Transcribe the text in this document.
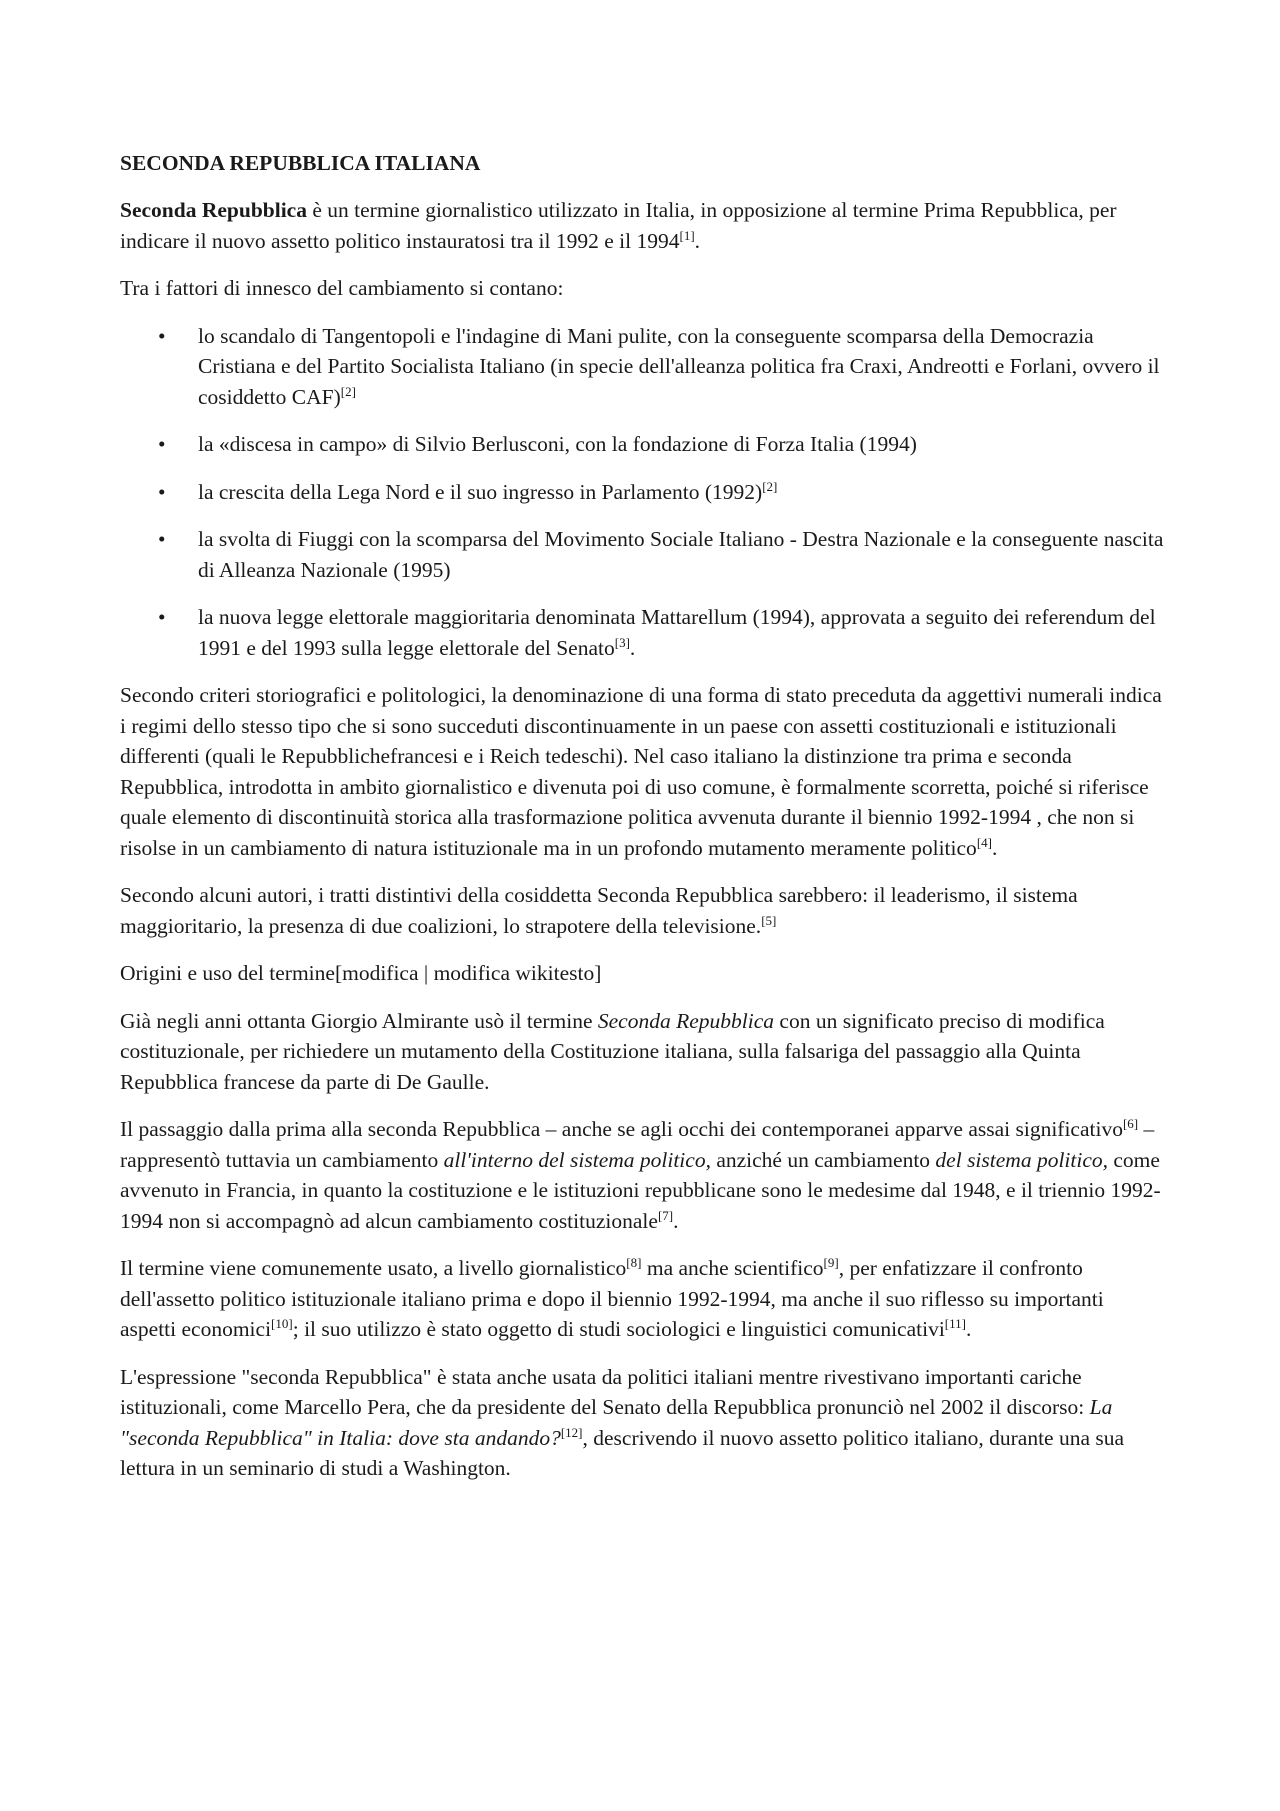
SECONDA REPUBBLICA ITALIANA

Seconda Repubblica è un termine giornalistico utilizzato in Italia, in opposizione al termine Prima Repubblica, per indicare il nuovo assetto politico instauratosi tra il 1992 e il 1994[1].

Tra i fattori di innesco del cambiamento si contano:

• lo scandalo di Tangentopoli e l'indagine di Mani pulite, con la conseguente scomparsa della Democrazia Cristiana e del Partito Socialista Italiano (in specie dell'alleanza politica fra Craxi, Andreotti e Forlani, ovvero il cosiddetto CAF)[2]
• la «discesa in campo» di Silvio Berlusconi, con la fondazione di Forza Italia (1994)
• la crescita della Lega Nord e il suo ingresso in Parlamento (1992)[2]
• la svolta di Fiuggi con la scomparsa del Movimento Sociale Italiano - Destra Nazionale e la conseguente nascita di Alleanza Nazionale (1995)
• la nuova legge elettorale maggioritaria denominata Mattarellum (1994), approvata a seguito dei referendum del 1991 e del 1993 sulla legge elettorale del Senato[3].

Secondo criteri storiografici e politologici, la denominazione di una forma di stato preceduta da aggettivi numerali indica i regimi dello stesso tipo che si sono succeduti discontinuamente in un paese con assetti costituzionali e istituzionali differenti (quali le Repubblichefrancesi e i Reich tedeschi). Nel caso italiano la distinzione tra prima e seconda Repubblica, introdotta in ambito giornalistico e divenuta poi di uso comune, è formalmente scorretta, poiché si riferisce quale elemento di discontinuità storica alla trasformazione politica avvenuta durante il biennio 1992-1994 , che non si risolse in un cambiamento di natura istituzionale ma in un profondo mutamento meramente politico[4].

Secondo alcuni autori, i tratti distintivi della cosiddetta Seconda Repubblica sarebbero: il leaderismo, il sistema maggioritario, la presenza di due coalizioni, lo strapotere della televisione.[5]

Origini e uso del termine[modifica | modifica wikitesto]

Già negli anni ottanta Giorgio Almirante usò il termine Seconda Repubblica con un significato preciso di modifica costituzionale, per richiedere un mutamento della Costituzione italiana, sulla falsariga del passaggio alla Quinta Repubblica francese da parte di De Gaulle.

Il passaggio dalla prima alla seconda Repubblica – anche se agli occhi dei contemporanei apparve assai significativo[6] – rappresentò tuttavia un cambiamento all'interno del sistema politico, anziché un cambiamento del sistema politico, come avvenuto in Francia, in quanto la costituzione e le istituzioni repubblicane sono le medesime dal 1948, e il triennio 1992-1994 non si accompagnò ad alcun cambiamento costituzionale[7].

Il termine viene comunemente usato, a livello giornalistico[8] ma anche scientifico[9], per enfatizzare il confronto dell'assetto politico istituzionale italiano prima e dopo il biennio 1992-1994, ma anche il suo riflesso su importanti aspetti economici[10]; il suo utilizzo è stato oggetto di studi sociologici e linguistici comunicativi[11].

L'espressione "seconda Repubblica" è stata anche usata da politici italiani mentre rivestivano importanti cariche istituzionali, come Marcello Pera, che da presidente del Senato della Repubblica pronunciò nel 2002 il discorso: La "seconda Repubblica" in Italia: dove sta andando?[12], descrivendo il nuovo assetto politico italiano, durante una sua lettura in un seminario di studi a Washington.
